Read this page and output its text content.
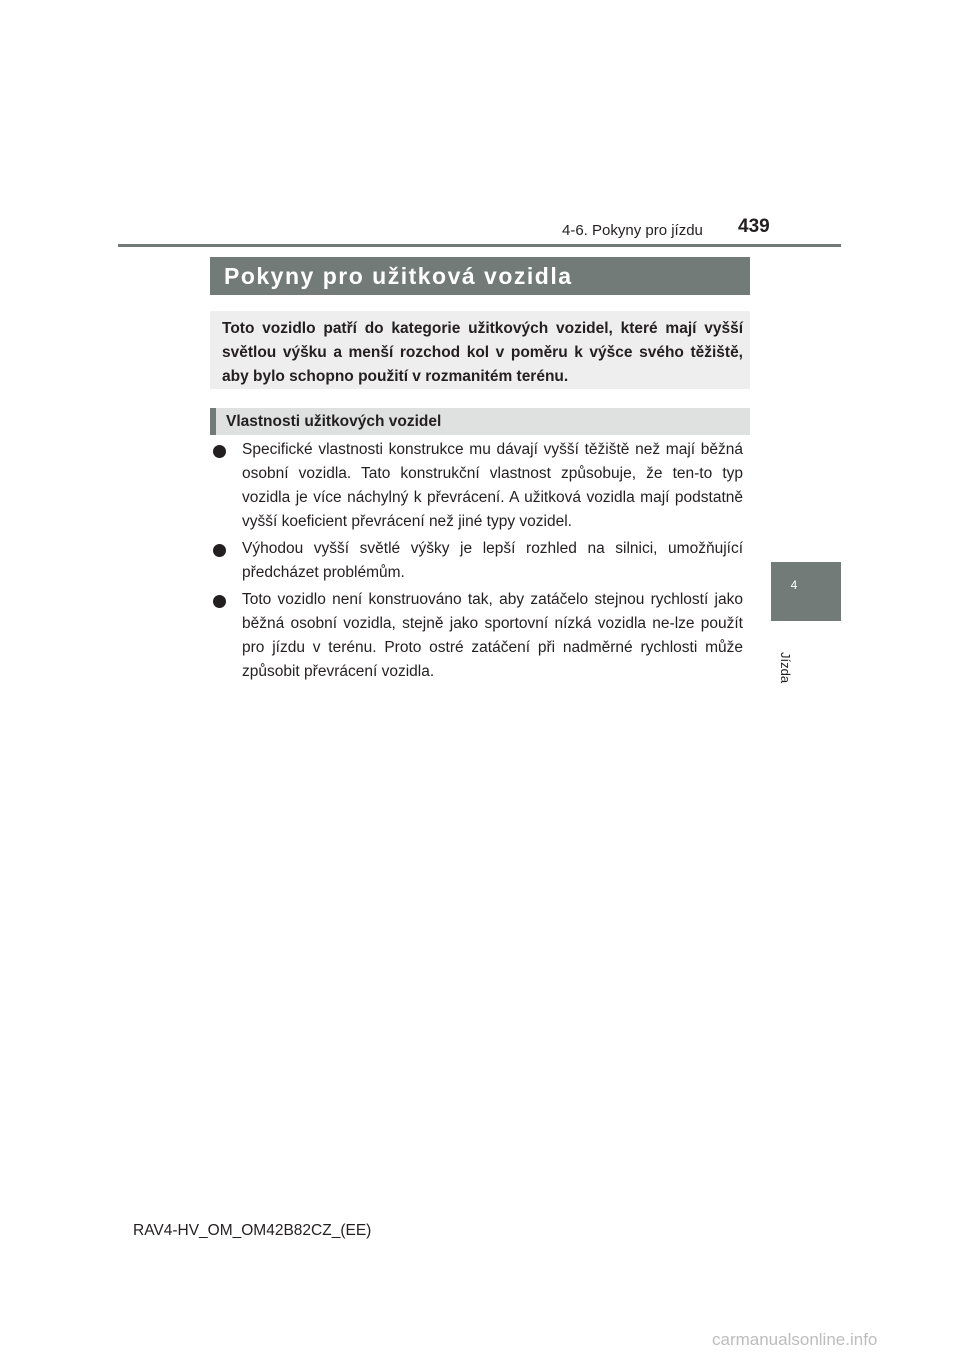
4-6. Pokyny pro jízdu 439
4
Jízda
Pokyny pro užitková vozidla
Toto vozidlo patří do kategorie užitkových vozidel, které mají vyšší světlou výšku a menší rozchod kol v poměru k výšce svého těžiště, aby bylo schopno použití v rozmanitém terénu.
Vlastnosti užitkových vozidel
Specifické vlastnosti konstrukce mu dávají vyšší těžiště než mají běžná osobní vozidla. Tato konstrukční vlastnost způsobuje, že ten-to typ vozidla je více náchylný k převrácení. A užitková vozidla mají podstatně vyšší koeficient převrácení než jiné typy vozidel.
Výhodou vyšší světlé výšky je lepší rozhled na silnici, umožňující předcházet problémům.
Toto vozidlo není konstruováno tak, aby zatáčelo stejnou rychlostí jako běžná osobní vozidla, stejně jako sportovní nízká vozidla ne-lze použít pro jízdu v terénu. Proto ostré zatáčení při nadměrné rychlosti může způsobit převrácení vozidla.
RAV4-HV_OM_OM42B82CZ_(EE)
carmanualsonline.info
